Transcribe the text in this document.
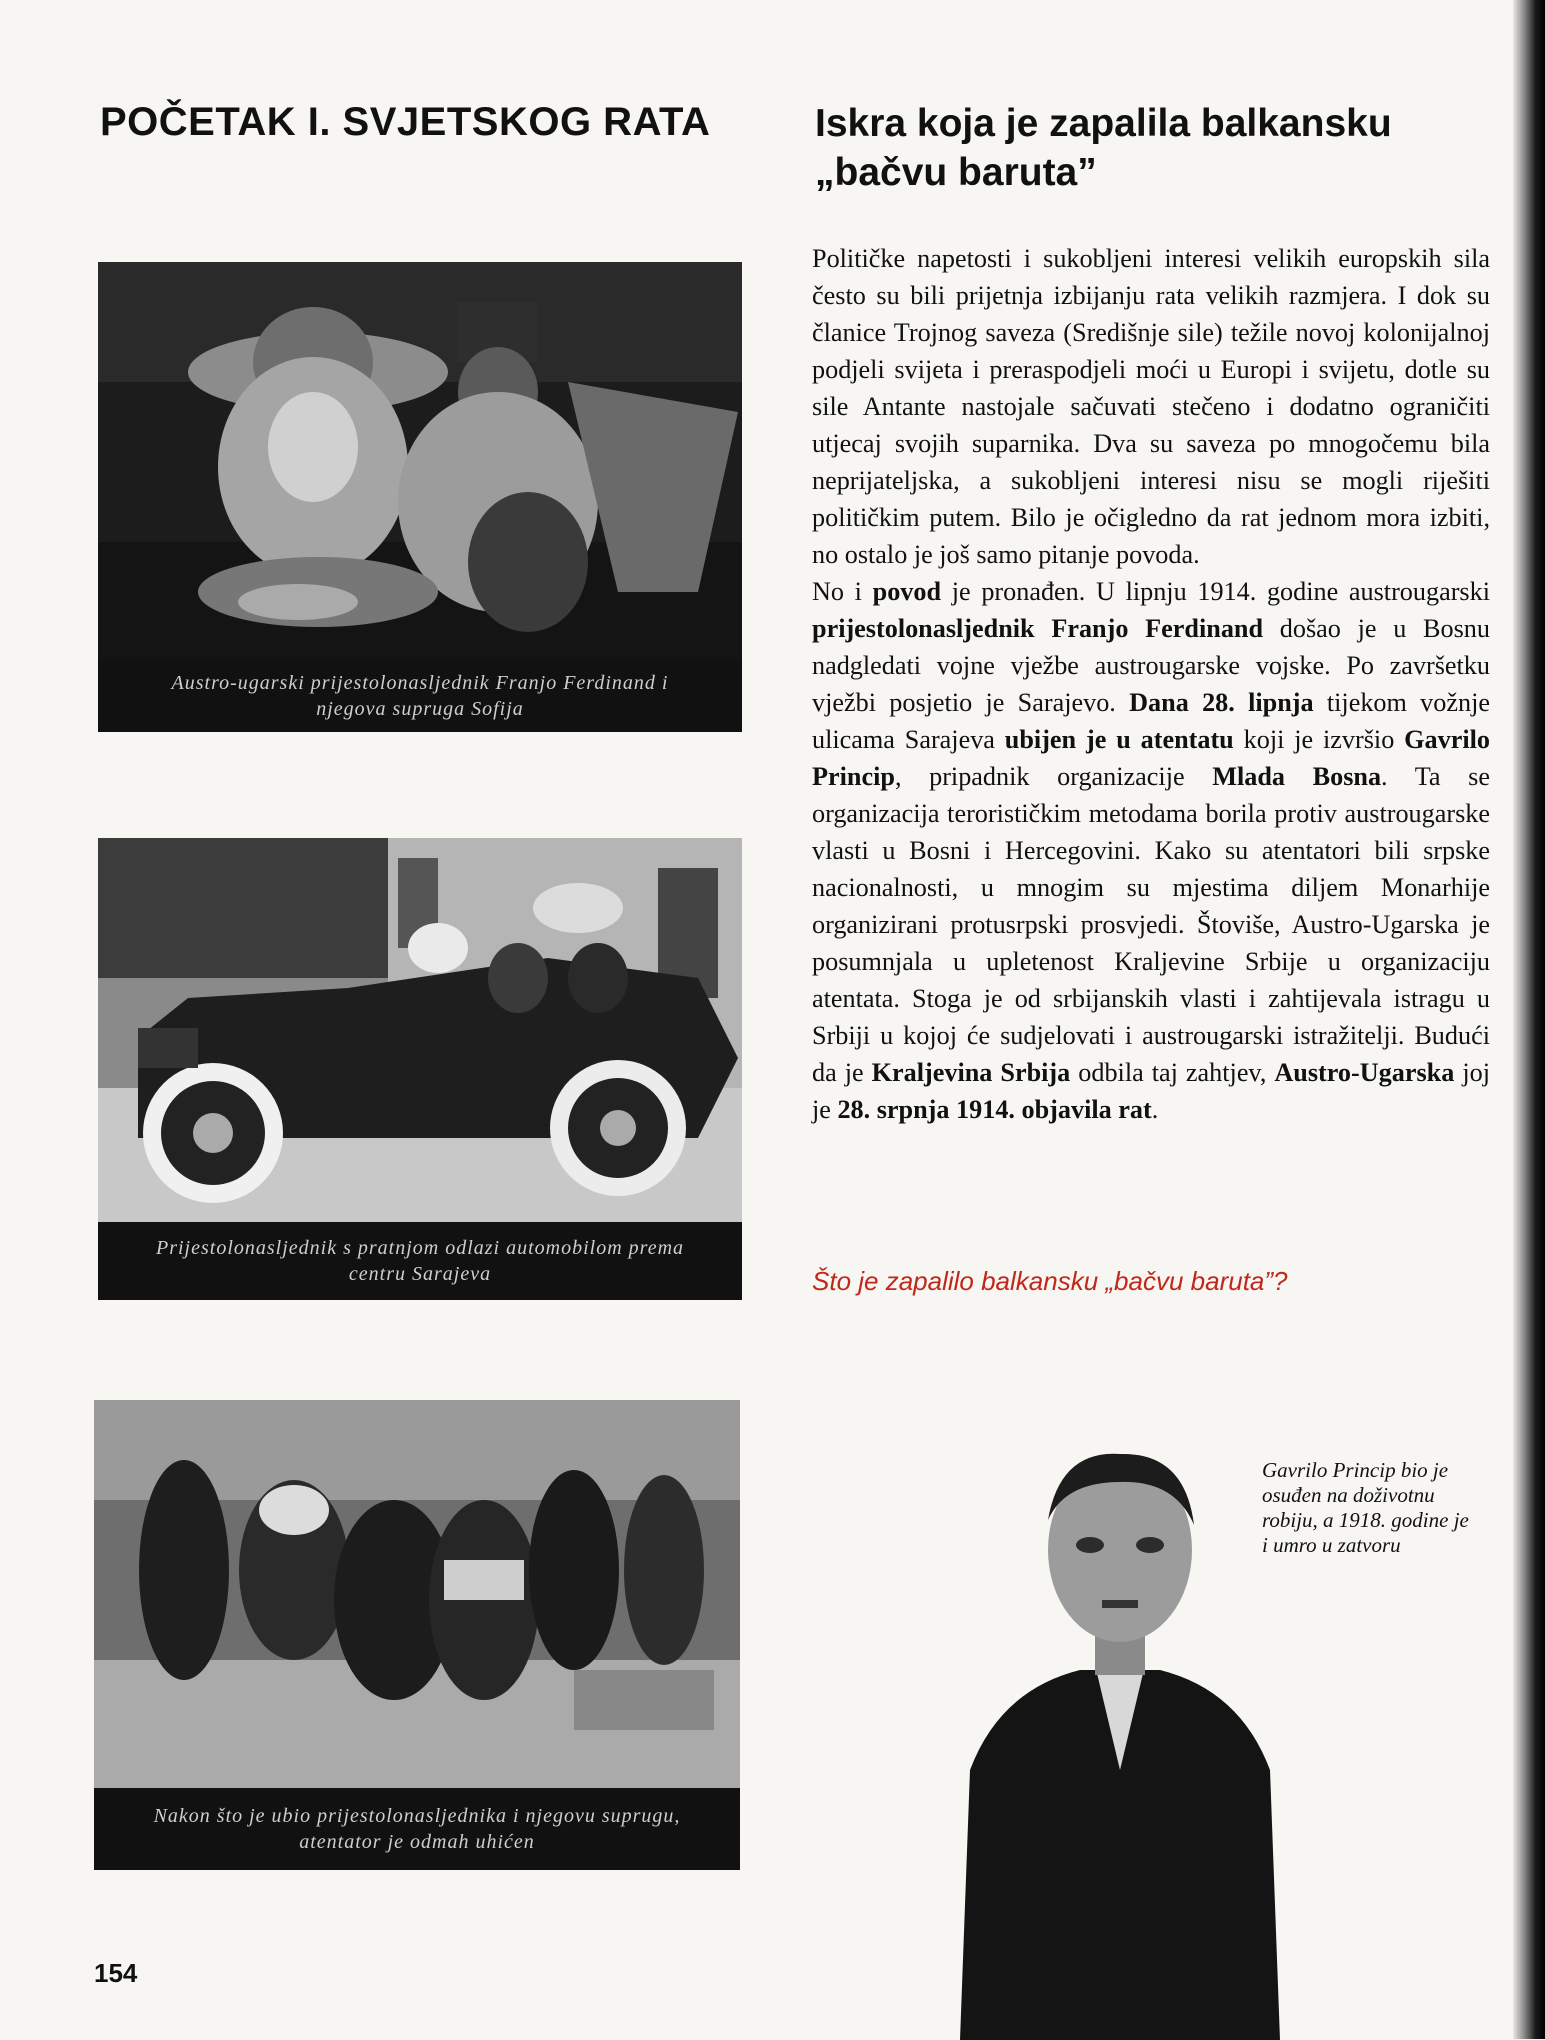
POČETAK I. SVJETSKOG RATA	Iskra koja je zapalila balkansku
„bačvu baruta”
Austro-ugarski prijestolonasljednik Franjo Ferdinand i njegova supruga Sofija
Prijestolonasljednik s pratnjom odlazi automobilom prema centru Sarajeva
Nakon što je ubio prijestolonasljednika i njegovu suprugu, atentator je odmah uhićen

Političke napetosti i sukobljeni interesi velikih europskih sila često su bili prijetnja izbijanju rata velikih razmjera. I dok su članice Trojnog saveza (Središnje sile) težile novoj kolonijalnoj podjeli svijeta i preraspodjeli moći u Europi i svijetu, dotle su sile Antante nastojale sačuvati stečeno i dodatno ograničiti utjecaj svojih suparnika. Dva su saveza po mnogočemu bila neprijateljska, a sukobljeni interesi nisu se mogli riješiti političkim putem. Bilo je očigledno da rat jednom mora izbiti, no ostalo je još samo pitanje povoda.

No i povod je pronađen. U lipnju 1914. godine austrougarski prijestolonasljednik Franjo Ferdinand došao je u Bosnu nadgledati vojne vježbe austrougarske vojske. Po završetku vježbi posjetio je Sarajevo. Dana 28. lipnja tijekom vožnje ulicama Sarajeva ubijen je u atentatu koji je izvršio Gavrilo Princip, pripadnik organizacije Mlada Bosna. Ta se organizacija terorističkim metodama borila protiv austrougarske vlasti u Bosni i Hercegovini. Kako su atentatori bili srpske nacionalnosti, u mnogim su mjestima diljem Monarhije organizirani protusrpski prosvjedi. Štoviše, Austro-Ugarska je posumnjala u upletenost Kraljevine Srbije u organizaciju atentata. Stoga je od srbijanskih vlasti i zahtijevala istragu u Srbiji u kojoj će sudjelovati i austrougarski istražitelji. Budući da je Kraljevina Srbija odbila taj zahtjev, Austro-Ugarska joj je 28. srpnja 1914. objavila rat.

Što je zapalilo balkansku „bačvu baruta”?
Gavrilo Princip bio je osuđen na doživotnu robiju, a 1918. godine je i umro u zatvoru
154
